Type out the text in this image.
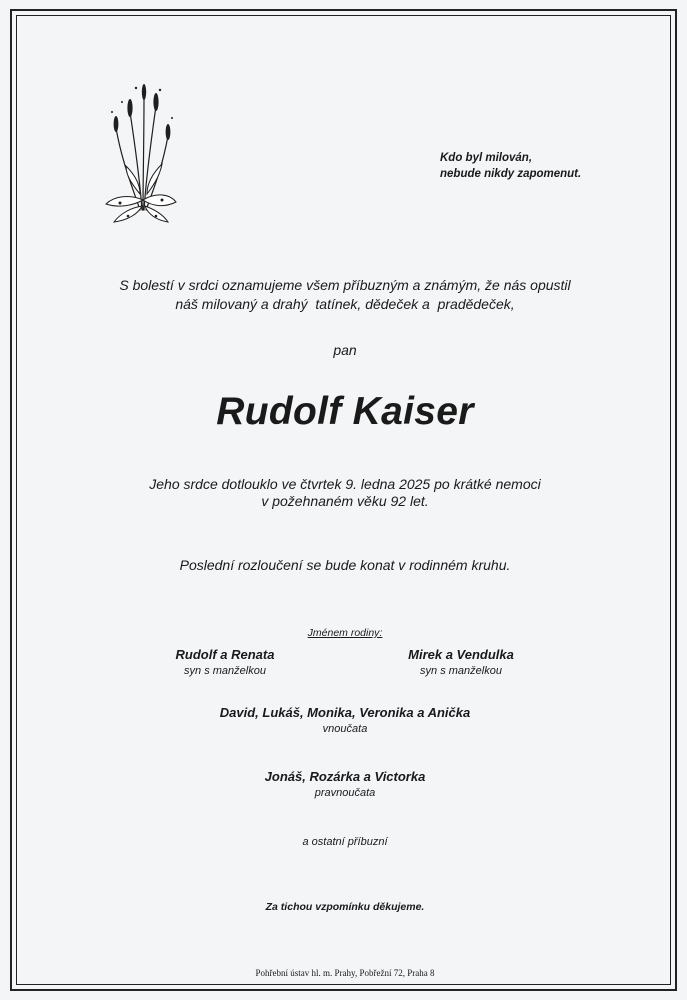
Kdo byl milován,
nebude nikdy zapomenut.
S bolestí v srdci oznamujeme všem příbuzným a známým, že nás opustil
náš milovaný a drahý  tatínek, dědeček a  pradědeček,
pan
Rudolf Kaiser
Jeho srdce dotlouklo ve čtvrtek 9. ledna 2025 po krátké nemoci
v požehnaném věku 92 let.
Poslední rozloučení se bude konat v rodinném kruhu.
Jménem rodiny:
Rudolf a Renata
syn s manželkou
Mirek a Vendulka
syn s manželkou
David, Lukáš, Monika, Veronika a Anička
vnoučata
Jonáš, Rozárka a Victorka
pravnoučata
a ostatní příbuzní
Za tichou vzpomínku děkujeme.
Pohřební ústav hl. m. Prahy, Pobřežní 72, Praha 8
